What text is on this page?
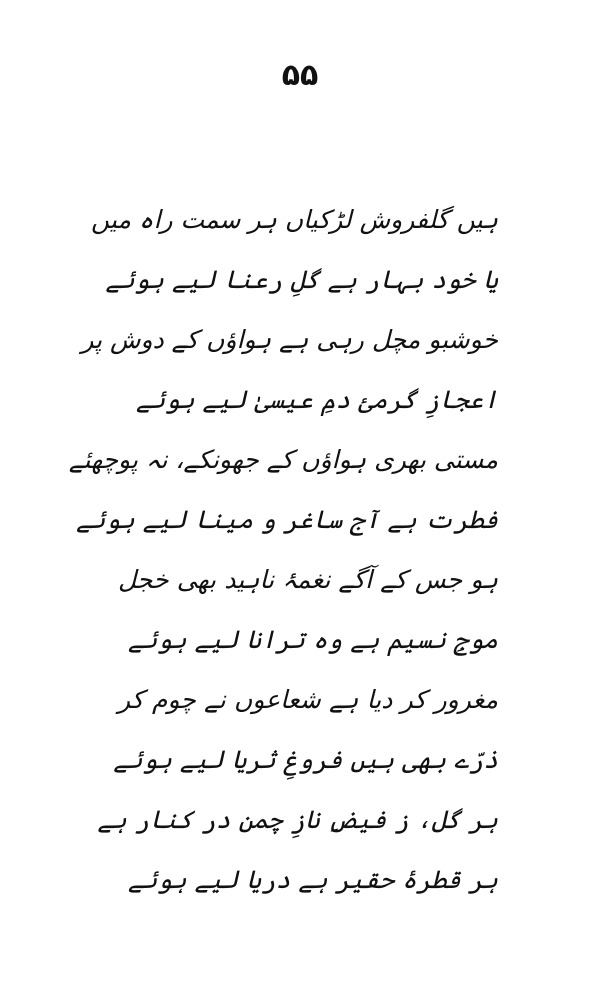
۵۵
ہیں گلفروش لڑکیاں ہر سمت راہ میں
یا خود بہار ہے گلِ رعنا لیے ہوئے
خوشبو مچل رہی ہے ہواؤں کے دوش پر
اعجازِ گرمیٔ دمِ عیسیٰ لیے ہوئے
مستی بھری ہواؤں کے جھونکے، نہ پوچھئے
فطرت ہے آج ساغر و مینا لیے ہوئے
ہو جس کے آگے نغمۂ ناہید بھی خجل
موجِ نسیم ہے وہ ترانا لیے ہوئے
مغرور کر دیا ہے شعاعوں نے چوم کر
ذرّے بھی ہیں فروغِ ثریا لیے ہوئے
ہر گل، ز فیضِ نازِ چمن در کنار ہے
ہر قطرۂ حقیر ہے دریا لیے ہوئے
